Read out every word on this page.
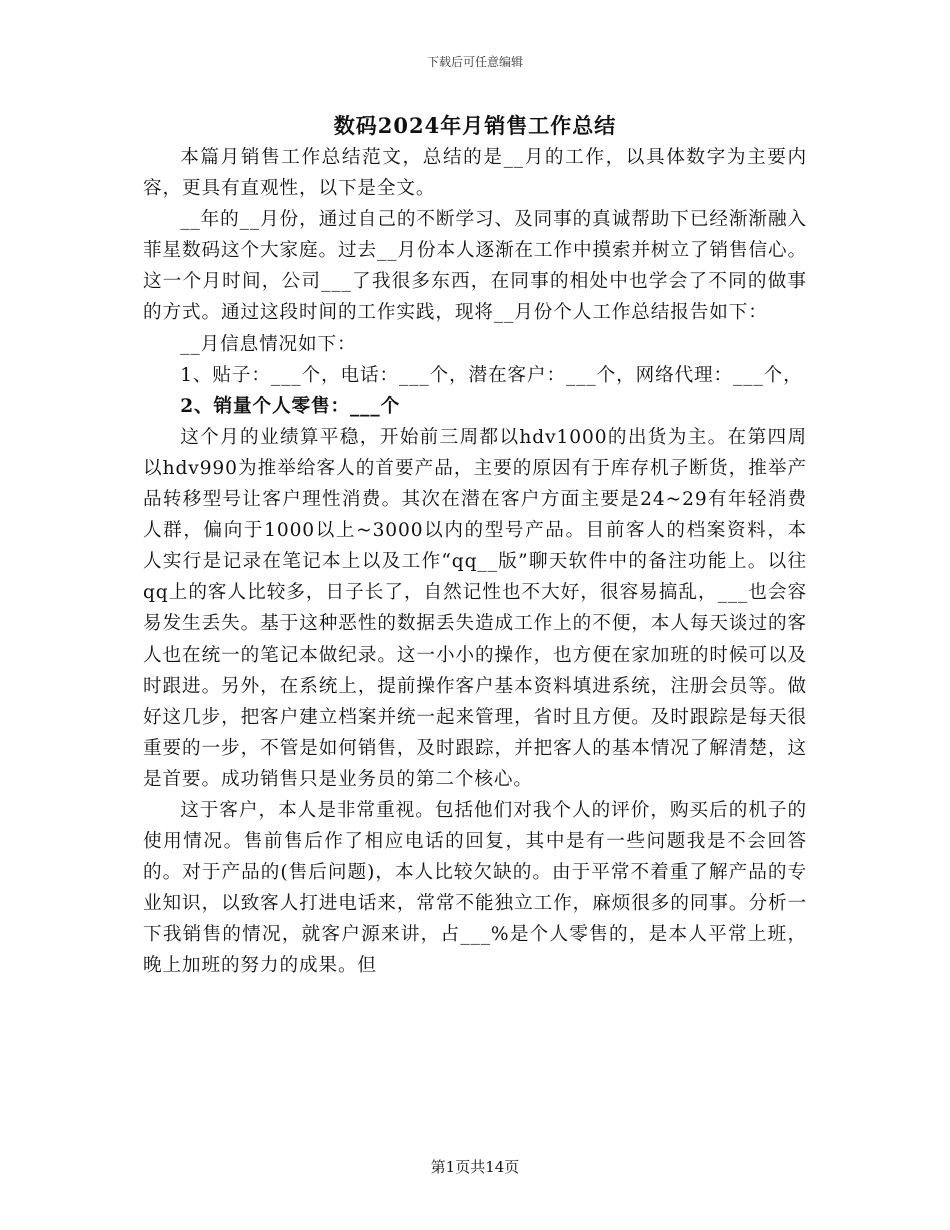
下载后可任意编辑
数码2024年月销售工作总结

本篇月销售工作总结范文，总结的是__月的工作，以具体数字为主要内容，更具有直观性，以下是全文。

__年的__月份，通过自己的不断学习、及同事的真诚帮助下已经渐渐融入菲星数码这个大家庭。过去__月份本人逐渐在工作中摸索并树立了销售信心。这一个月时间，公司___了我很多东西，在同事的相处中也学会了不同的做事的方式。通过这段时间的工作实践，现将__月份个人工作总结报告如下：

__月信息情况如下：

1、贴子：___个，电话：___个，潜在客户：___个，网络代理：___个，

2、销量个人零售：___个

这个月的业绩算平稳，开始前三周都以hdv1000的出货为主。在第四周以hdv990为推举给客人的首要产品，主要的原因有于库存机子断货，推举产品转移型号让客户理性消费。其次在潜在客户方面主要是24~29有年轻消费人群，偏向于1000以上~3000以内的型号产品。目前客人的档案资料，本人实行是记录在笔记本上以及工作“qq__版”聊天软件中的备注功能上。以往qq上的客人比较多，日子长了，自然记性也不大好，很容易搞乱，___也会容易发生丢失。基于这种恶性的数据丢失造成工作上的不便，本人每天谈过的客人也在统一的笔记本做纪录。这一小小的操作，也方便在家加班的时候可以及时跟进。另外，在系统上，提前操作客户基本资料填进系统，注册会员等。做好这几步，把客户建立档案并统一起来管理，省时且方便。及时跟踪是每天很重要的一步，不管是如何销售，及时跟踪，并把客人的基本情况了解清楚，这是首要。成功销售只是业务员的第二个核心。

这于客户，本人是非常重视。包括他们对我个人的评价，购买后的机子的使用情况。售前售后作了相应电话的回复，其中是有一些问题我是不会回答的。对于产品的(售后问题)，本人比较欠缺的。由于平常不着重了解产品的专业知识，以致客人打进电话来，常常不能独立工作，麻烦很多的同事。分析一下我销售的情况，就客户源来讲，占___%是个人零售的，是本人平常上班，晚上加班的努力的成果。但

第1页共14页
